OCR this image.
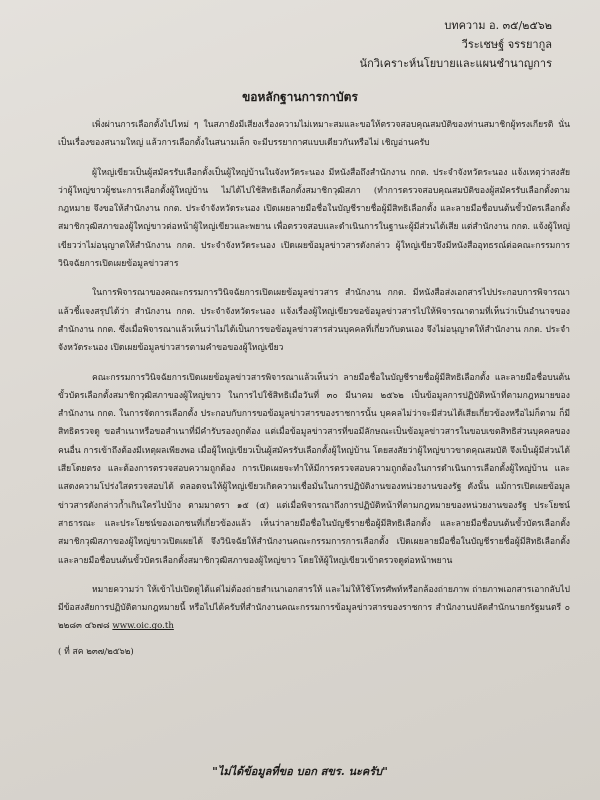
บทความ อ. ๓๕/๒๕๖๒
วีระเชษฐ์ จรรยากูล
นักวิเคราะห์นโยบายและแผนชำนาญการ
ขอหลักฐานการกาบัตร

เพิ่งผ่านการเลือกตั้งไปไหม่ ๆ ในสภายังมีเสียงเรื่องความไม่เหมาะสมและขอให้ตรวจสอบคุณสมบัติของท่านสมาชิกผู้ทรงเกียรติ นั่นเป็นเรื่องของสนามใหญ่ แล้วการเลือกตั้งในสนามเล็ก จะมีบรรยากาศแบบเดียวกันหรือไม่ เชิญอ่านครับ

ผู้ใหญ่เขียวเป็นผู้สมัครรับเลือกตั้งเป็นผู้ใหญ่บ้านในจังหวัดระนอง มีหนังสือถึงสำนักงาน กกต. ประจำจังหวัดระนอง แจ้งเหตุว่าสงสัยว่าผู้ใหญ่ขาวผู้ชนะการเลือกตั้งผู้ใหญ่บ้าน ไม่ได้ไปใช้สิทธิเลือกตั้งสมาชิกวุฒิสภา (ทำการตรวจสอบคุณสมบัติของผู้สมัครรับเลือกตั้งตามกฎหมาย จึงขอให้สำนักงาน กกต. ประจำจังหวัดระนอง เปิดเผยลายมือชื่อในบัญชีรายชื่อผู้มีสิทธิเลือกตั้ง และลายมือชื่อบนต้นขั้วบัตรเลือกตั้งสมาชิกวุฒิสภาของผู้ใหญ่ขาวต่อหน้าผู้ใหญ่เขียวและพยาน เพื่อตรวจสอบและดำเนินการในฐานะผู้มีส่วนได้เสีย แต่สำนักงาน กกต. แจ้งผู้ใหญ่เขียวว่าไม่อนุญาตให้สำนักงาน กกต. ประจำจังหวัดระนอง เปิดเผยข้อมูลข่าวสารดังกล่าว ผู้ใหญ่เขียวจึงมีหนังสืออุทธรณ์ต่อคณะกรรมการวินิจฉัยการเปิดเผยข้อมูลข่าวสาร

ในการพิจารณาของคณะกรรมการวินิจฉัยการเปิดเผยข้อมูลข่าวสาร สำนักงาน กกต. มีหนังสือส่งเอกสารไปประกอบการพิจารณาแล้วชี้แจงสรุปได้ว่า สำนักงาน กกต. ประจำจังหวัดระนอง แจ้งเรื่องผู้ใหญ่เขียวขอข้อมูลข่าวสารไปให้พิจารณาตามที่เห็นว่าเป็นอำนาจของสำนักงาน กกต. ซึ่งเมื่อพิจารณาแล้วเห็นว่าไม่ได้เป็นการขอข้อมูลข่าวสารส่วนบุคคลที่เกี่ยวกับตนเอง จึงไม่อนุญาตให้สำนักงาน กกต. ประจำจังหวัดระนอง เปิดเผยข้อมูลข่าวสารตามคำขอของผู้ใหญ่เขียว

คณะกรรมการวินิจฉัยการเปิดเผยข้อมูลข่าวสารพิจารณาแล้วเห็นว่า ลายมือชื่อในบัญชีรายชื่อผู้มีสิทธิเลือกตั้ง และลายมือชื่อบนต้นขั้วบัตรเลือกตั้งสมาชิกวุฒิสภาของผู้ใหญ่ขาว ในการไปใช้สิทธิเมื่อวันที่ ๓๐ มีนาคม ๒๕๖๒ เป็นข้อมูลการปฏิบัติหน้าที่ตามกฎหมายของสำนักงาน กกต. ในการจัดการเลือกตั้ง ประกอบกับการขอข้อมูลข่าวสารของราชการนั้น บุคคลไม่ว่าจะมีส่วนได้เสียเกี่ยวข้องหรือไม่ก็ตาม ก็มีสิทธิตรวจดู ขอสำเนาหรือขอสำเนาที่มีคำรับรองถูกต้อง แต่เมื่อข้อมูลข่าวสารที่ขอมีลักษณะเป็นข้อมูลข่าวสารในขอบเขตสิทธิส่วนบุคคลของคนอื่น การเข้าถึงต้องมีเหตุผลเพียงพอ เมื่อผู้ใหญ่เขียวเป็นผู้สมัครรับเลือกตั้งผู้ใหญ่บ้าน โดยสงสัยว่าผู้ใหญ่ขาวขาดคุณสมบัติ จึงเป็นผู้มีส่วนได้เสียโดยตรง และต้องการตรวจสอบความถูกต้อง การเปิดเผยจะทำให้มีการตรวจสอบความถูกต้องในการดำเนินการเลือกตั้งผู้ใหญ่บ้าน และแสดงความโปร่งใสตรวจสอบได้ ตลอดจนให้ผู้ใหญ่เขียวเกิดความเชื่อมั่นในการปฏิบัติงานของหน่วยงานของรัฐ ดังนั้น แม้การเปิดเผยข้อมูลข่าวสารดังกล่าวก้ำเกินใครไปบ้าง ตามมาตรา ๑๕ (๕) แต่เมื่อพิจารณาถึงการปฏิบัติหน้าที่ตามกฎหมายของหน่วยงานของรัฐ ประโยชน์สาธารณะ และประโยชน์ของเอกชนที่เกี่ยวข้องแล้ว เห็นว่าลายมือชื่อในบัญชีรายชื่อผู้มีสิทธิเลือกตั้ง และลายมือชื่อบนต้นขั้วบัตรเลือกตั้งสมาชิกวุฒิสภาของผู้ใหญ่ขาวเปิดเผยได้ จึงวินิจฉัยให้สำนักงานคณะกรรมการการเลือกตั้ง เปิดเผยลายมือชื่อในบัญชีรายชื่อผู้มีสิทธิเลือกตั้ง และลายมือชื่อบนต้นขั้วบัตรเลือกตั้งสมาชิกวุฒิสภาของผู้ใหญ่ขาว โดยให้ผู้ใหญ่เขียวเข้าตรวจดูต่อหน้าพยาน

หมายความว่า ให้เข้าไปเปิดดูได้แต่ไม่ต้องถ่ายสำเนาเอกสารให้ และไม่ให้ใช้โทรศัพท์หรือกล้องถ่ายภาพ ถ่ายภาพเอกสารเอากลับไป มีข้อสงสัยการปฏิบัติตามกฎหมายนี้ หรือไปได้ครับที่สำนักงานคณะกรรมการข้อมูลข่าวสารของราชการ สำนักงานปลัดสำนักนายกรัฐมนตรี ๐ ๒๒๘๓ ๔๖๗๘ www.oic.go.th

( ที่ สค ๒๓๗/๒๕๖๒)

"ไม่ได้ข้อมูลที่ขอ บอก สขร. นะครับ"
